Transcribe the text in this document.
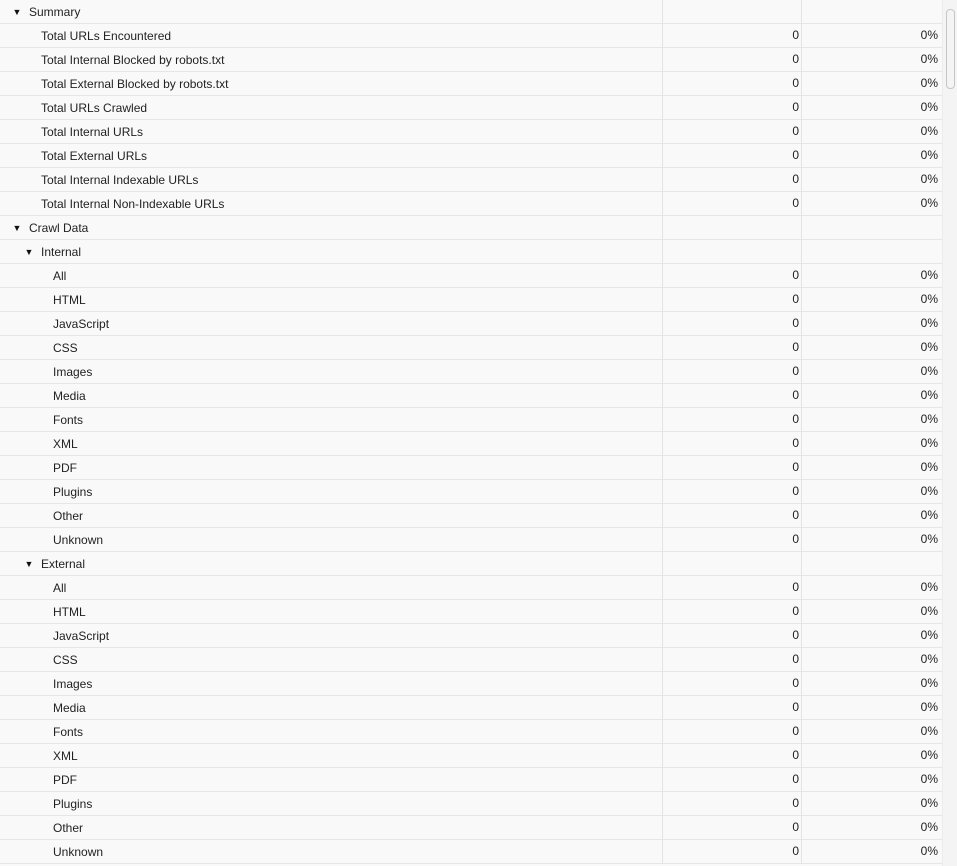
▼ Summary
Total URLs Encountered	0	0%
Total Internal Blocked by robots.txt	0	0%
Total External Blocked by robots.txt	0	0%
Total URLs Crawled	0	0%
Total Internal URLs	0	0%
Total External URLs	0	0%
Total Internal Indexable URLs	0	0%
Total Internal Non-Indexable URLs	0	0%
▼ Crawl Data
▼ Internal
All	0	0%
HTML	0	0%
JavaScript	0	0%
CSS	0	0%
Images	0	0%
Media	0	0%
Fonts	0	0%
XML	0	0%
PDF	0	0%
Plugins	0	0%
Other	0	0%
Unknown	0	0%
▼ External
All	0	0%
HTML	0	0%
JavaScript	0	0%
CSS	0	0%
Images	0	0%
Media	0	0%
Fonts	0	0%
XML	0	0%
PDF	0	0%
Plugins	0	0%
Other	0	0%
Unknown	0	0%
